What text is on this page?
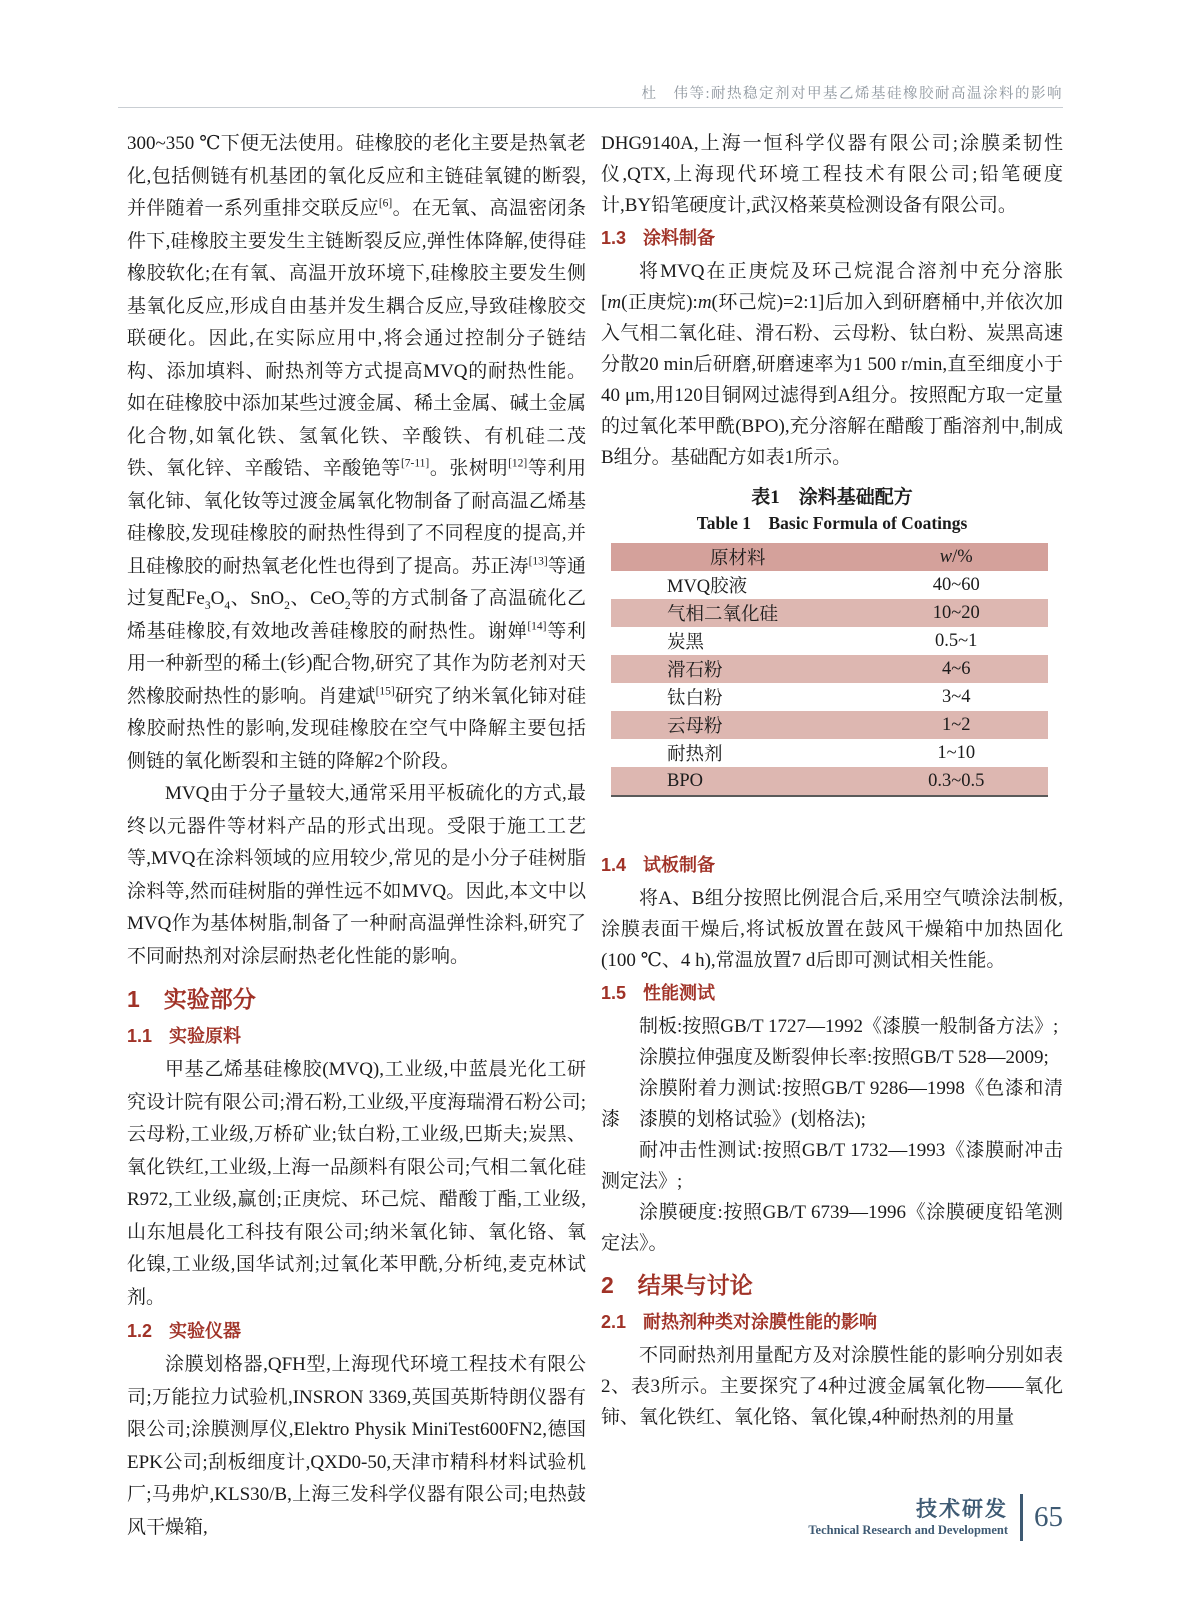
杜　伟等:耐热稳定剂对甲基乙烯基硅橡胶耐高温涂料的影响

300~350 ℃下便无法使用。硅橡胶的老化主要是热氧老化,包括侧链有机基团的氧化反应和主链硅氧键的断裂,并伴随着一系列重排交联反应[6]。在无氧、高温密闭条件下,硅橡胶主要发生主链断裂反应,弹性体降解,使得硅橡胶软化;在有氧、高温开放环境下,硅橡胶主要发生侧基氧化反应,形成自由基并发生耦合反应,导致硅橡胶交联硬化。因此,在实际应用中,将会通过控制分子链结构、添加填料、耐热剂等方式提高MVQ的耐热性能。如在硅橡胶中添加某些过渡金属、稀土金属、碱土金属化合物,如氧化铁、氢氧化铁、辛酸铁、有机硅二茂铁、氧化锌、辛酸锆、辛酸铯等[7-11]。张树明[12]等利用氧化铈、氧化钕等过渡金属氧化物制备了耐高温乙烯基硅橡胶,发现硅橡胶的耐热性得到了不同程度的提高,并且硅橡胶的耐热氧老化性也得到了提高。苏正涛[13]等通过复配$Fe_3O_4$、SnO$_2$、CeO$_2$等的方式制备了高温硫化乙烯基硅橡胶,有效地改善硅橡胶的耐热性。谢婵[14]等利用一种新型的稀土(钐)配合物,研究了其作为防老剂对天然橡胶耐热性的影响。肖建斌[15]研究了纳米氧化铈对硅橡胶耐热性的影响,发现硅橡胶在空气中降解主要包括侧链的氧化断裂和主链的降解2个阶段。

MVQ由于分子量较大,通常采用平板硫化的方式,最终以元器件等材料产品的形式出现。受限于施工工艺等,MVQ在涂料领域的应用较少,常见的是小分子硅树脂涂料等,然而硅树脂的弹性远不如MVQ。因此,本文中以MVQ作为基体树脂,制备了一种耐高温弹性涂料,研究了不同耐热剂对涂层耐热老化性能的影响。

1 实验部分
1.1 实验原料

甲基乙烯基硅橡胶(MVQ),工业级,中蓝晨光化工研究设计院有限公司;滑石粉,工业级,平度海瑞滑石粉公司;云母粉,工业级,万桥矿业;钛白粉,工业级,巴斯夫;炭黑、氧化铁红,工业级,上海一品颜料有限公司;气相二氧化硅R972,工业级,赢创;正庚烷、环己烷、醋酸丁酯,工业级,山东旭晨化工科技有限公司;纳米氧化铈、氧化铬、氧化镍,工业级,国华试剂;过氧化苯甲酰,分析纯,麦克林试剂。

1.2 实验仪器

涂膜划格器,QFH型,上海现代环境工程技术有限公司;万能拉力试验机,INSRON 3369,英国英斯特朗仪器有限公司;涂膜测厚仪,Elektro Physik MiniTest600FN2,德国EPK公司;刮板细度计,QXD0-50,天津市精科材料试验机厂;马弗炉,KLS30/B,上海三发科学仪器有限公司;电热鼓风干燥箱,

DHG9140A,上海一恒科学仪器有限公司;涂膜柔韧性仪,QTX,上海现代环境工程技术有限公司;铅笔硬度计,BY铅笔硬度计,武汉格莱莫检测设备有限公司。

1.3 涂料制备

将MVQ在正庚烷及环己烷混合溶剂中充分溶胀[m(正庚烷):m(环己烷)=2:1]后加入到研磨桶中,并依次加入气相二氧化硅、滑石粉、云母粉、钛白粉、炭黑高速分散20 min后研磨,研磨速率为1 500 r/min,直至细度小于40 μm,用120目铜网过滤得到A组分。按照配方取一定量的过氧化苯甲酰(BPO),充分溶解在醋酸丁酯溶剂中,制成B组分。基础配方如表1所示。

表1　涂料基础配方

Table 1　Basic Formula of Coatings

原材料	w/%
MVQ胶液	40~60
气相二氧化硅	10~20
炭黑	0.5~1
滑石粉	4~6
钛白粉	3~4
云母粉	1~2
耐热剂	1~10
BPO	0.3~0.5
1.4 试板制备

将A、B组分按照比例混合后,采用空气喷涂法制板,涂膜表面干燥后,将试板放置在鼓风干燥箱中加热固化(100 ℃、4 h),常温放置7 d后即可测试相关性能。

1.5 性能测试

制板:按照GB/T 1727—1992《漆膜一般制备方法》;

涂膜拉伸强度及断裂伸长率:按照GB/T 528—2009;

涂膜附着力测试:按照GB/T 9286—1998《色漆和清漆　漆膜的划格试验》(划格法);

耐冲击性测试:按照GB/T 1732—1993《漆膜耐冲击测定法》;

涂膜硬度:按照GB/T 6739—1996《涂膜硬度铅笔测定法》。

2 结果与讨论
2.1 耐热剂种类对涂膜性能的影响

不同耐热剂用量配方及对涂膜性能的影响分别如表2、表3所示。主要探究了4种过渡金属氧化物——氧化铈、氧化铁红、氧化铬、氧化镍,4种耐热剂的用量

技术研发
Technical Research and Development 65
